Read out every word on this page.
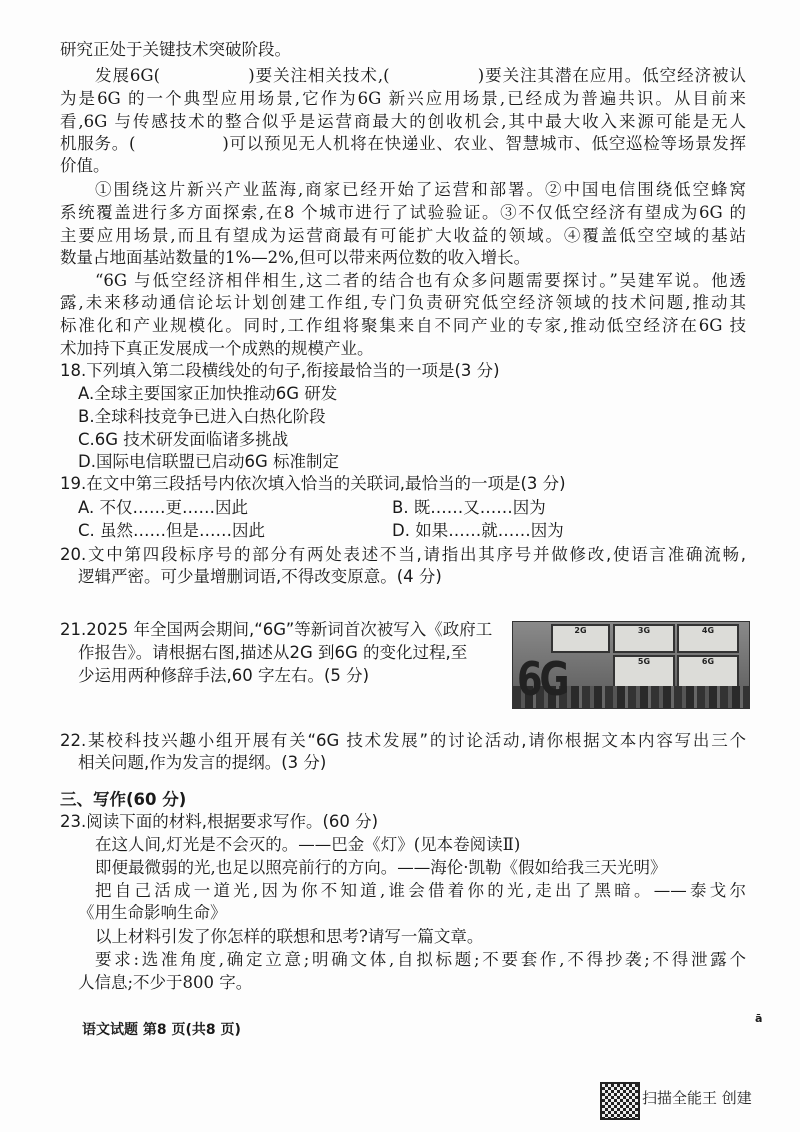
研究正处于关键技术突破阶段。
发展6G(　　　　　)要关注相关技术,(　　　　　)要关注其潜在应用。低空经济被认
为是6G 的一个典型应用场景,它作为6G 新兴应用场景,已经成为普遍共识。从目前来
看,6G 与传感技术的整合似乎是运营商最大的创收机会,其中最大收入来源可能是无人
机服务。(　　　　　)可以预见无人机将在快递业、农业、智慧城市、低空巡检等场景发挥
价值。
①围绕这片新兴产业蓝海,商家已经开始了运营和部署。②中国电信围绕低空蜂窝
系统覆盖进行多方面探索,在8 个城市进行了试验验证。③不仅低空经济有望成为6G 的
主要应用场景,而且有望成为运营商最有可能扩大收益的领域。④覆盖低空空域的基站
数量占地面基站数量的1%—2%,但可以带来两位数的收入增长。
“6G 与低空经济相伴相生,这二者的结合也有众多问题需要探讨。”吴建军说。他透
露,未来移动通信论坛计划创建工作组,专门负责研究低空经济领域的技术问题,推动其
标准化和产业规模化。同时,工作组将聚集来自不同产业的专家,推动低空经济在6G 技
术加持下真正发展成一个成熟的规模产业。
18.下列填入第二段横线处的句子,衔接最恰当的一项是(3 分)
A.全球主要国家正加快推动6G 研发
B.全球科技竞争已进入白热化阶段
C.6G 技术研发面临诸多挑战
D.国际电信联盟已启动6G 标准制定
19.在文中第三段括号内依次填入恰当的关联词,最恰当的一项是(3 分)
A. 不仅……更……因此	B. 既……又……因为
C. 虽然……但是……因此	D. 如果……就……因为
20.文中第四段标序号的部分有两处表述不当,请指出其序号并做修改,使语言准确流畅,
逻辑严密。可少量增删词语,不得改变原意。(4 分)
21.2025 年全国两会期间,“6G”等新词首次被写入《政府工
作报告》。请根据右图,描述从2G 到6G 的变化过程,至
少运用两种修辞手法,60 字左右。(5 分)
2G	3G	4G
5G	6G
6G
22.某校科技兴趣小组开展有关“6G 技术发展”的讨论活动,请你根据文本内容写出三个
相关问题,作为发言的提纲。(3 分)
三、写作(60 分)
23.阅读下面的材料,根据要求写作。(60 分)
在这人间,灯光是不会灭的。——巴金《灯》(见本卷阅读Ⅱ)
即便最微弱的光,也足以照亮前行的方向。——海伦·凯勒《假如给我三天光明》
把自己活成一道光,因为你不知道,谁会借着你的光,走出了黑暗。——泰戈尔
《用生命影响生命》
以上材料引发了你怎样的联想和思考?请写一篇文章。
要求:选准角度,确定立意;明确文体,自拟标题;不要套作,不得抄袭;不得泄露个
人信息;不少于800 字。
语文试题 第8 页(共8 页)
ā
扫描全能王 创建
